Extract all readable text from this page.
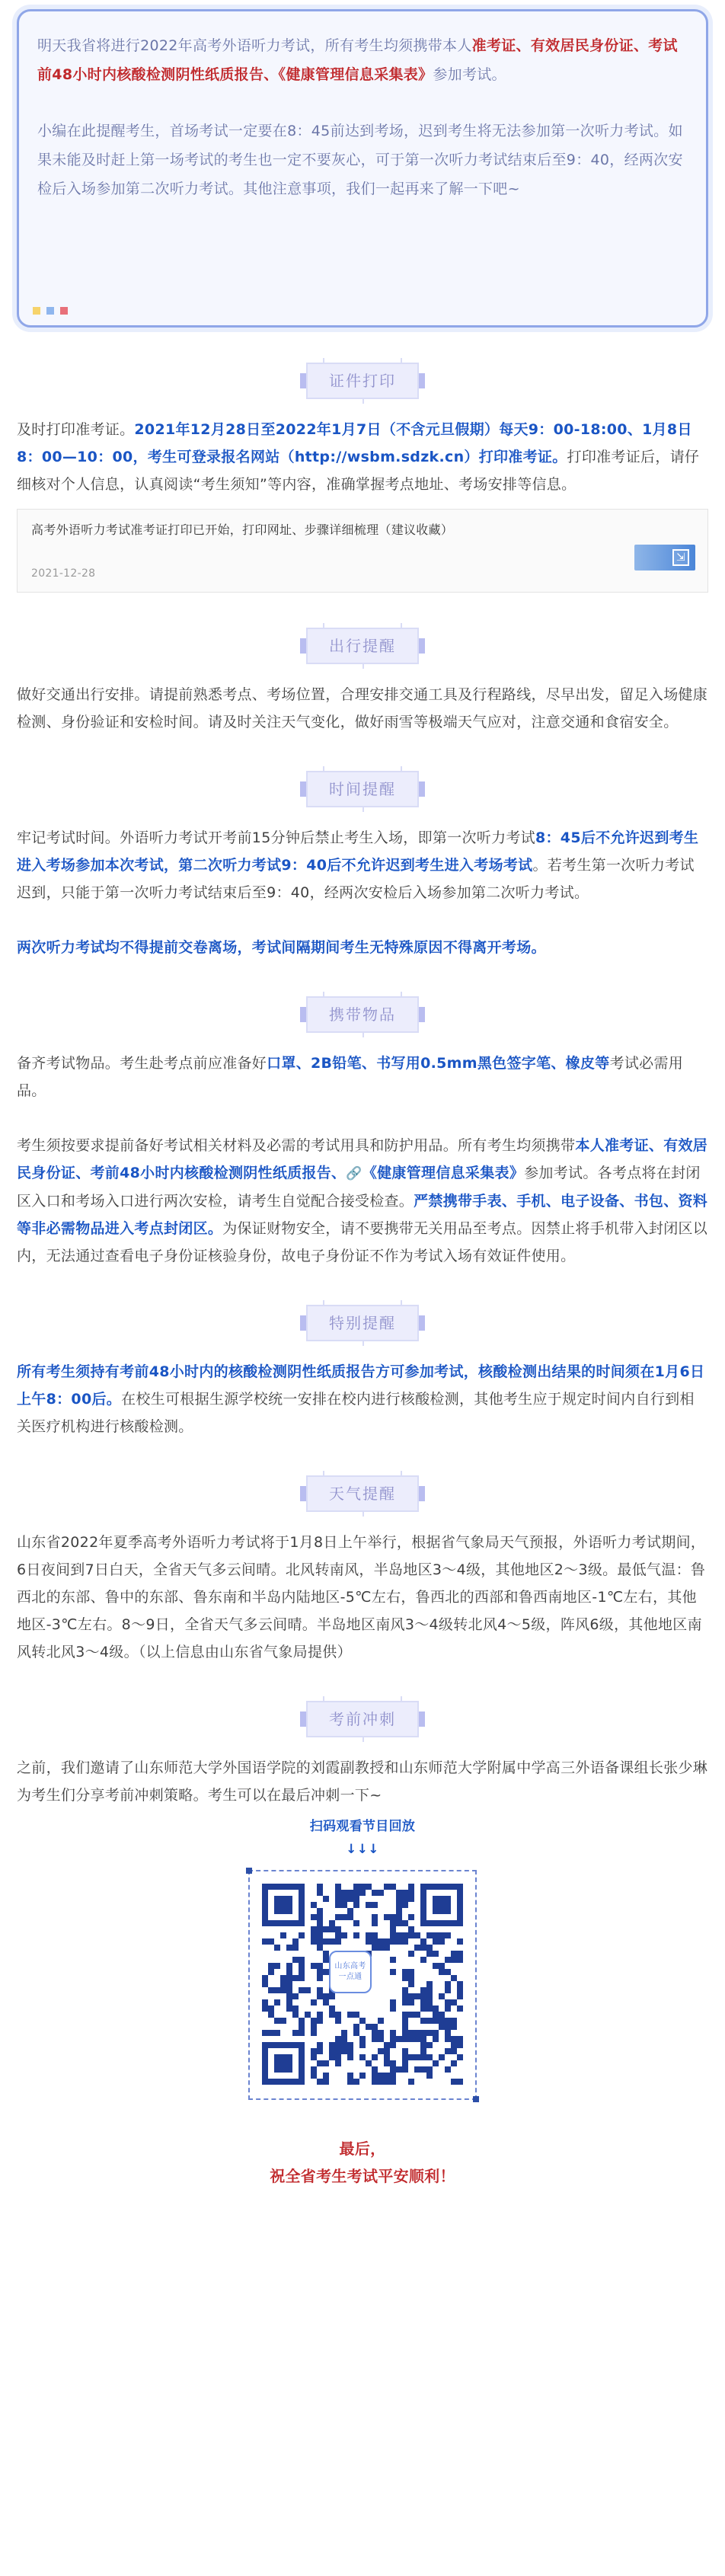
明天我省将进行2022年高考外语听力考试，所有考生均须携带本人准考证、有效居民身份证、考试前48小时内核酸检测阴性纸质报告、《健康管理信息采集表》参加考试。

小编在此提醒考生，首场考试一定要在8：45前达到考场，迟到考生将无法参加第一次听力考试。如果未能及时赶上第一场考试的考生也一定不要灰心，可于第一次听力考试结束后至9：40，经两次安检后入场参加第二次听力考试。其他注意事项，我们一起再来了解一下吧~

证件打印
及时打印准考证。2021年12月28日至2022年1月7日（不含元旦假期）每天9：00-18:00、1月8日8：00—10：00，考生可登录报名网站（http://wsbm.sdzk.cn）打印准考证。打印准考证后，请仔细核对个人信息，认真阅读“考生须知”等内容，准确掌握考点地址、考场安排等信息。
高考外语听力考试准考证打印已开始，打印网址、步骤详细梳理（建议收藏）
2021-12-28
⇲
出行提醒
做好交通出行安排。请提前熟悉考点、考场位置，合理安排交通工具及行程路线，尽早出发，留足入场健康检测、身份验证和安检时间。请及时关注天气变化，做好雨雪等极端天气应对，注意交通和食宿安全。
时间提醒
牢记考试时间。外语听力考试开考前15分钟后禁止考生入场，即第一次听力考试8：45后不允许迟到考生进入考场参加本次考试，第二次听力考试9：40后不允许迟到考生进入考场考试。若考生第一次听力考试迟到，只能于第一次听力考试结束后至9：40，经两次安检后入场参加第二次听力考试。
两次听力考试均不得提前交卷离场，考试间隔期间考生无特殊原因不得离开考场。
携带物品
备齐考试物品。考生赴考点前应准备好口罩、2B铅笔、书写用0.5mm黑色签字笔、橡皮等考试必需用品。
考生须按要求提前备好考试相关材料及必需的考试用具和防护用品。所有考生均须携带本人准考证、有效居民身份证、考前48小时内核酸检测阴性纸质报告、🔗《健康管理信息采集表》参加考试。各考点将在封闭区入口和考场入口进行两次安检，请考生自觉配合接受检查。严禁携带手表、手机、电子设备、书包、资料等非必需物品进入考点封闭区。为保证财物安全，请不要携带无关用品至考点。因禁止将手机带入封闭区以内，无法通过查看电子身份证核验身份，故电子身份证不作为考试入场有效证件使用。
特别提醒
所有考生须持有考前48小时内的核酸检测阴性纸质报告方可参加考试，核酸检测出结果的时间须在1月6日上午8：00后。在校生可根据生源学校统一安排在校内进行核酸检测，其他考生应于规定时间内自行到相关医疗机构进行核酸检测。
天气提醒
山东省2022年夏季高考外语听力考试将于1月8日上午举行，根据省气象局天气预报，外语听力考试期间，6日夜间到7日白天，全省天气多云间晴。北风转南风，半岛地区3～4级，其他地区2～3级。最低气温：鲁西北的东部、鲁中的东部、鲁东南和半岛内陆地区-5℃左右，鲁西北的西部和鲁西南地区-1℃左右，其他地区-3℃左右。8～9日，全省天气多云间晴。半岛地区南风3～4级转北风4～5级，阵风6级，其他地区南风转北风3～4级。（以上信息由山东省气象局提供）
考前冲刺
之前，我们邀请了山东师范大学外国语学院的刘霞副教授和山东师范大学附属中学高三外语备课组长张少琳为考生们分享考前冲刺策略。考生可以在最后冲刺一下~
扫码观看节目回放
↓↓↓
山东高考
一点通
最后，
祝全省考生考试平安顺利！
